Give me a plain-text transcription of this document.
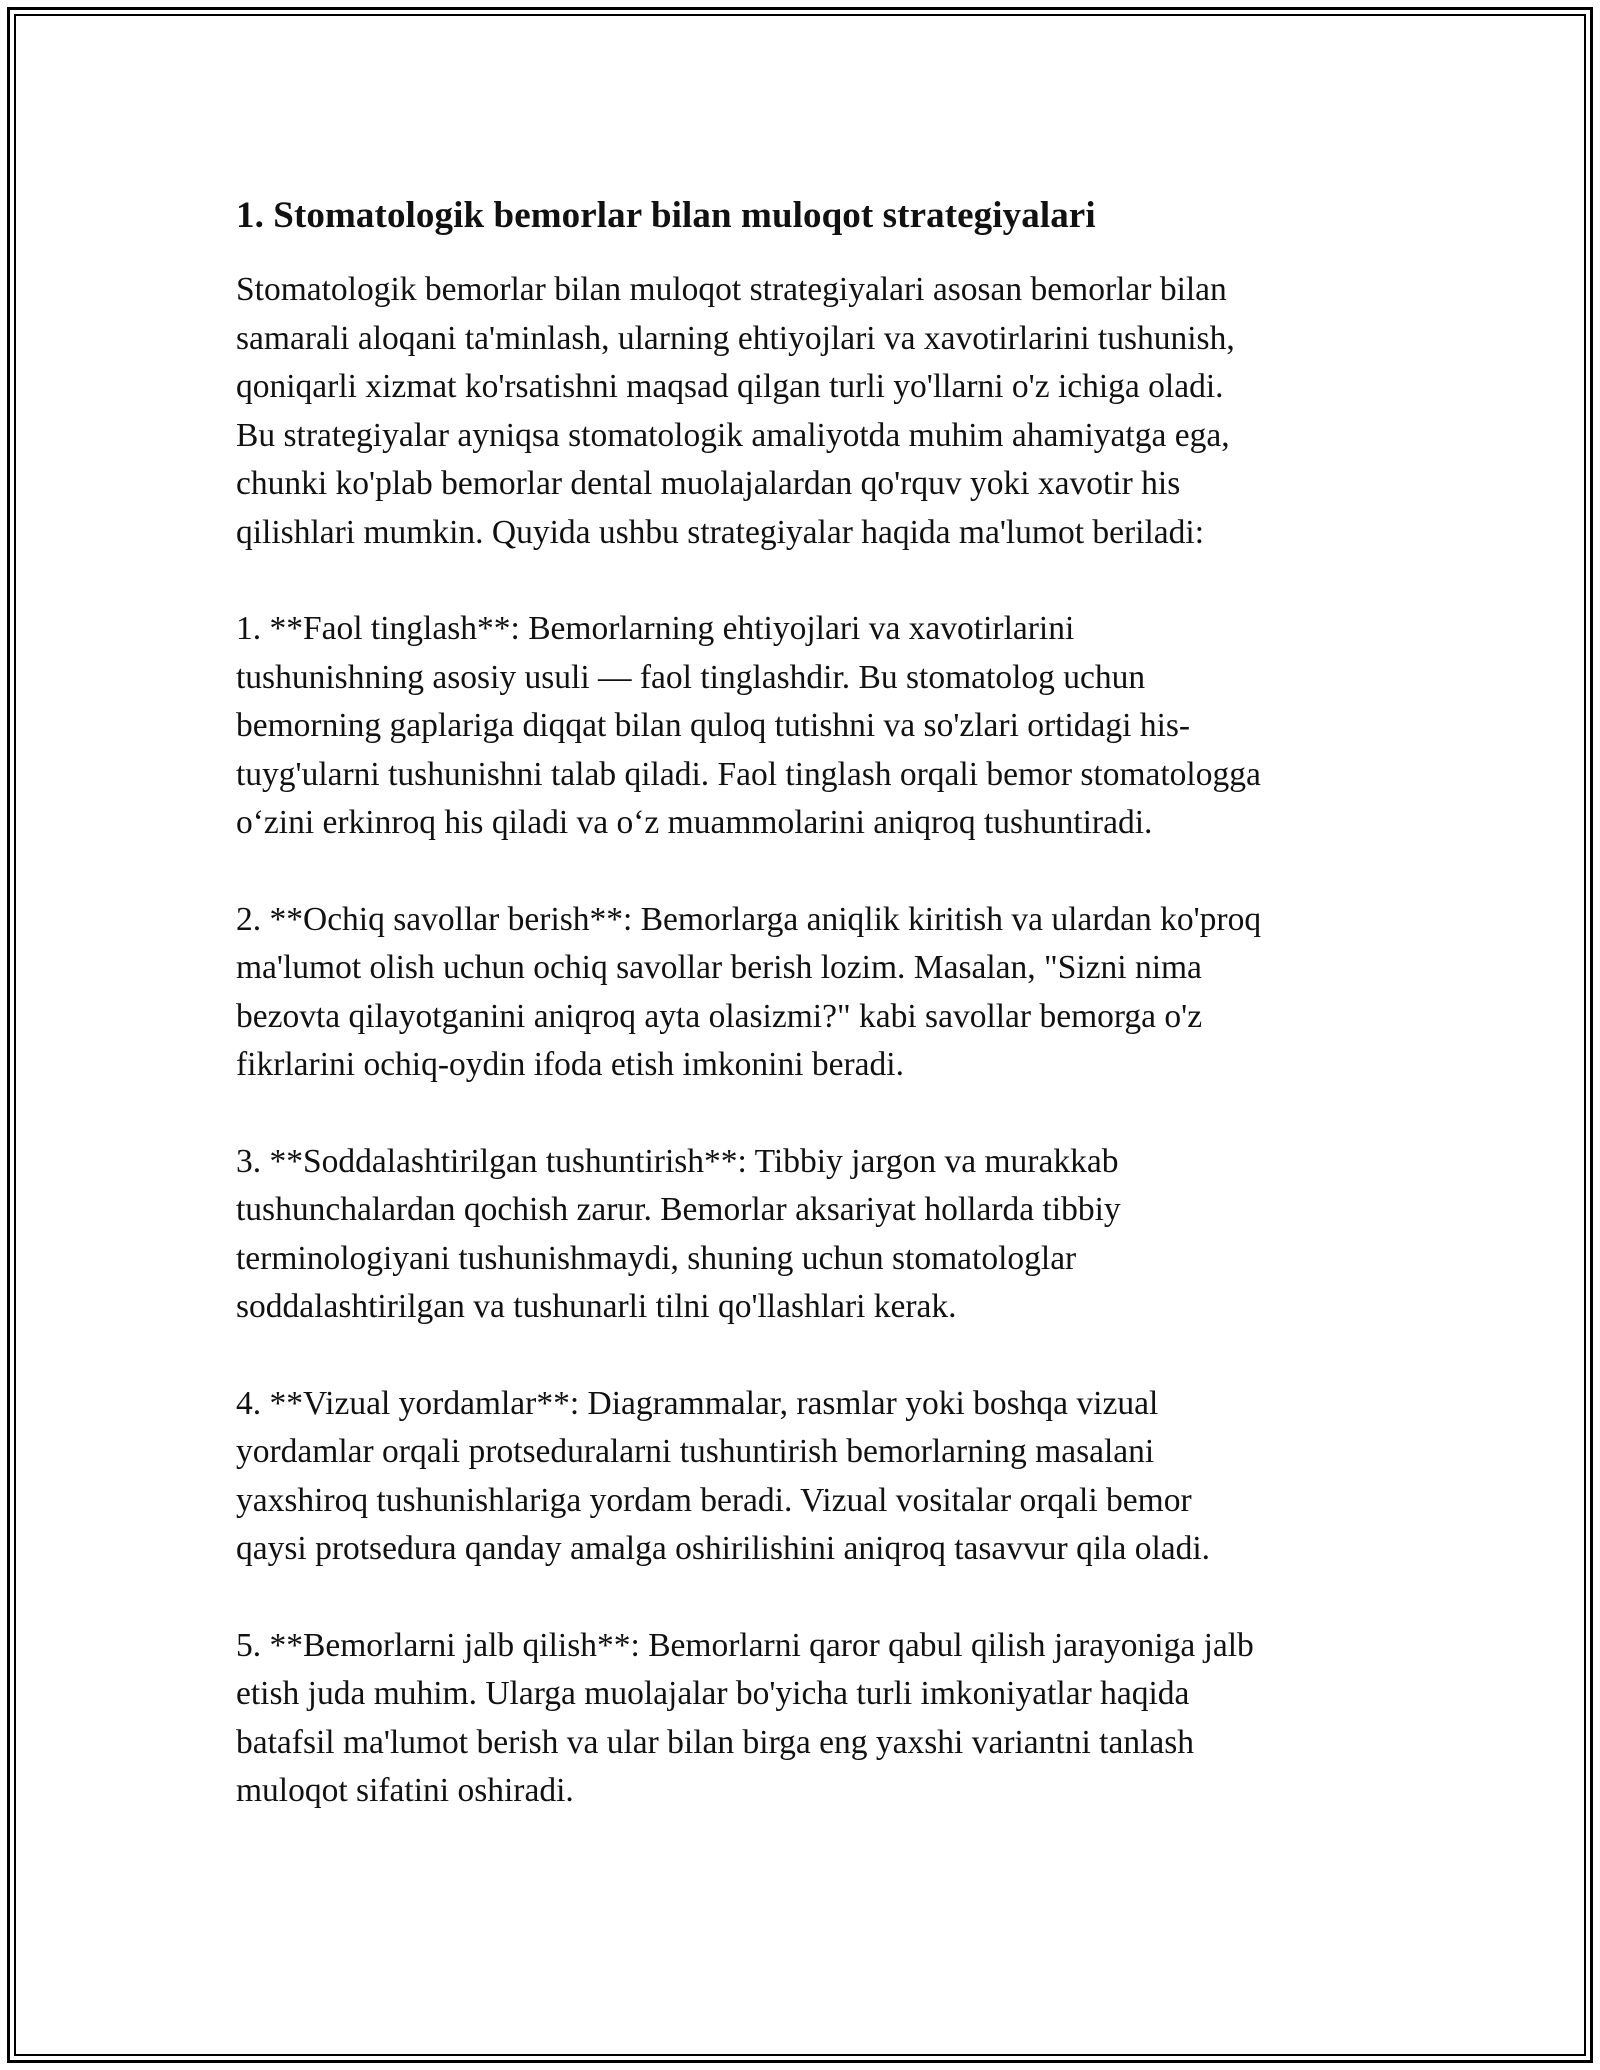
1. Stomatologik bemorlar bilan muloqot strategiyalari

Stomatologik bemorlar bilan muloqot strategiyalari asosan bemorlar bilan
samarali aloqani ta'minlash, ularning ehtiyojlari va xavotirlarini tushunish,
qoniqarli xizmat ko'rsatishni maqsad qilgan turli yo'llarni o'z ichiga oladi.
Bu strategiyalar ayniqsa stomatologik amaliyotda muhim ahamiyatga ega,
chunki ko'plab bemorlar dental muolajalardan qo'rquv yoki xavotir his
qilishlari mumkin. Quyida ushbu strategiyalar haqida ma'lumot beriladi:

1. **Faol tinglash**: Bemorlarning ehtiyojlari va xavotirlarini
tushunishning asosiy usuli — faol tinglashdir. Bu stomatolog uchun
bemorning gaplariga diqqat bilan quloq tutishni va so'zlari ortidagi his-
tuyg'ularni tushunishni talab qiladi. Faol tinglash orqali bemor stomatologga
o‘zini erkinroq his qiladi va o‘z muammolarini aniqroq tushuntiradi.

2. **Ochiq savollar berish**: Bemorlarga aniqlik kiritish va ulardan ko'proq
ma'lumot olish uchun ochiq savollar berish lozim. Masalan, "Sizni nima
bezovta qilayotganini aniqroq ayta olasizmi?" kabi savollar bemorga o'z
fikrlarini ochiq-oydin ifoda etish imkonini beradi.

3. **Soddalashtirilgan tushuntirish**: Tibbiy jargon va murakkab
tushunchalardan qochish zarur. Bemorlar aksariyat hollarda tibbiy
terminologiyani tushunishmaydi, shuning uchun stomatologlar
soddalashtirilgan va tushunarli tilni qo'llashlari kerak.

4. **Vizual yordamlar**: Diagrammalar, rasmlar yoki boshqa vizual
yordamlar orqali protseduralarni tushuntirish bemorlarning masalani
yaxshiroq tushunishlariga yordam beradi. Vizual vositalar orqali bemor
qaysi protsedura qanday amalga oshirilishini aniqroq tasavvur qila oladi.

5. **Bemorlarni jalb qilish**: Bemorlarni qaror qabul qilish jarayoniga jalb
etish juda muhim. Ularga muolajalar bo'yicha turli imkoniyatlar haqida
batafsil ma'lumot berish va ular bilan birga eng yaxshi variantni tanlash
muloqot sifatini oshiradi.
